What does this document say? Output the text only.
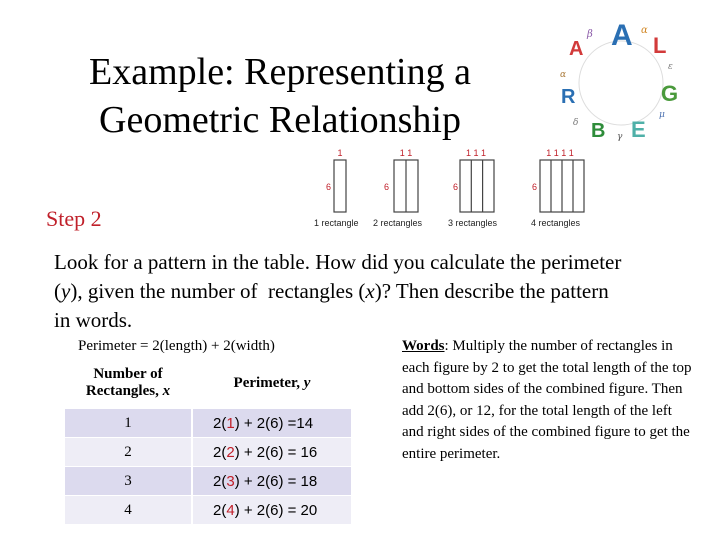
Example: Representing a
Geometric Relationship
A L
G
E
B
R
A
β	α
ε
μ
γ
δ
α
1	1 1	1 1 1	1 1 1 1
6	6	6	6
1 rectangle 2 rectangles	3 rectangles	4 rectangles
Step 2
Look for a pattern in the table. How did you calculate the perimeter (y), given the number of  rectangles (x)? Then describe the pattern in words.
Perimeter = 2(length) + 2(width)
Number of
Rectangles, x	Perimeter, y
1	2(1) + 2(6) =14
2	2(2) + 2(6) = 16
3	2(3) + 2(6) = 18
4	2(4) + 2(6) = 20
Words: Multiply the number of rectangles in each figure by 2 to get the total length of the top and bottom sides of the combined figure. Then add 2(6), or 12, for the total length of the left and right sides of the combined figure to get the entire perimeter.
